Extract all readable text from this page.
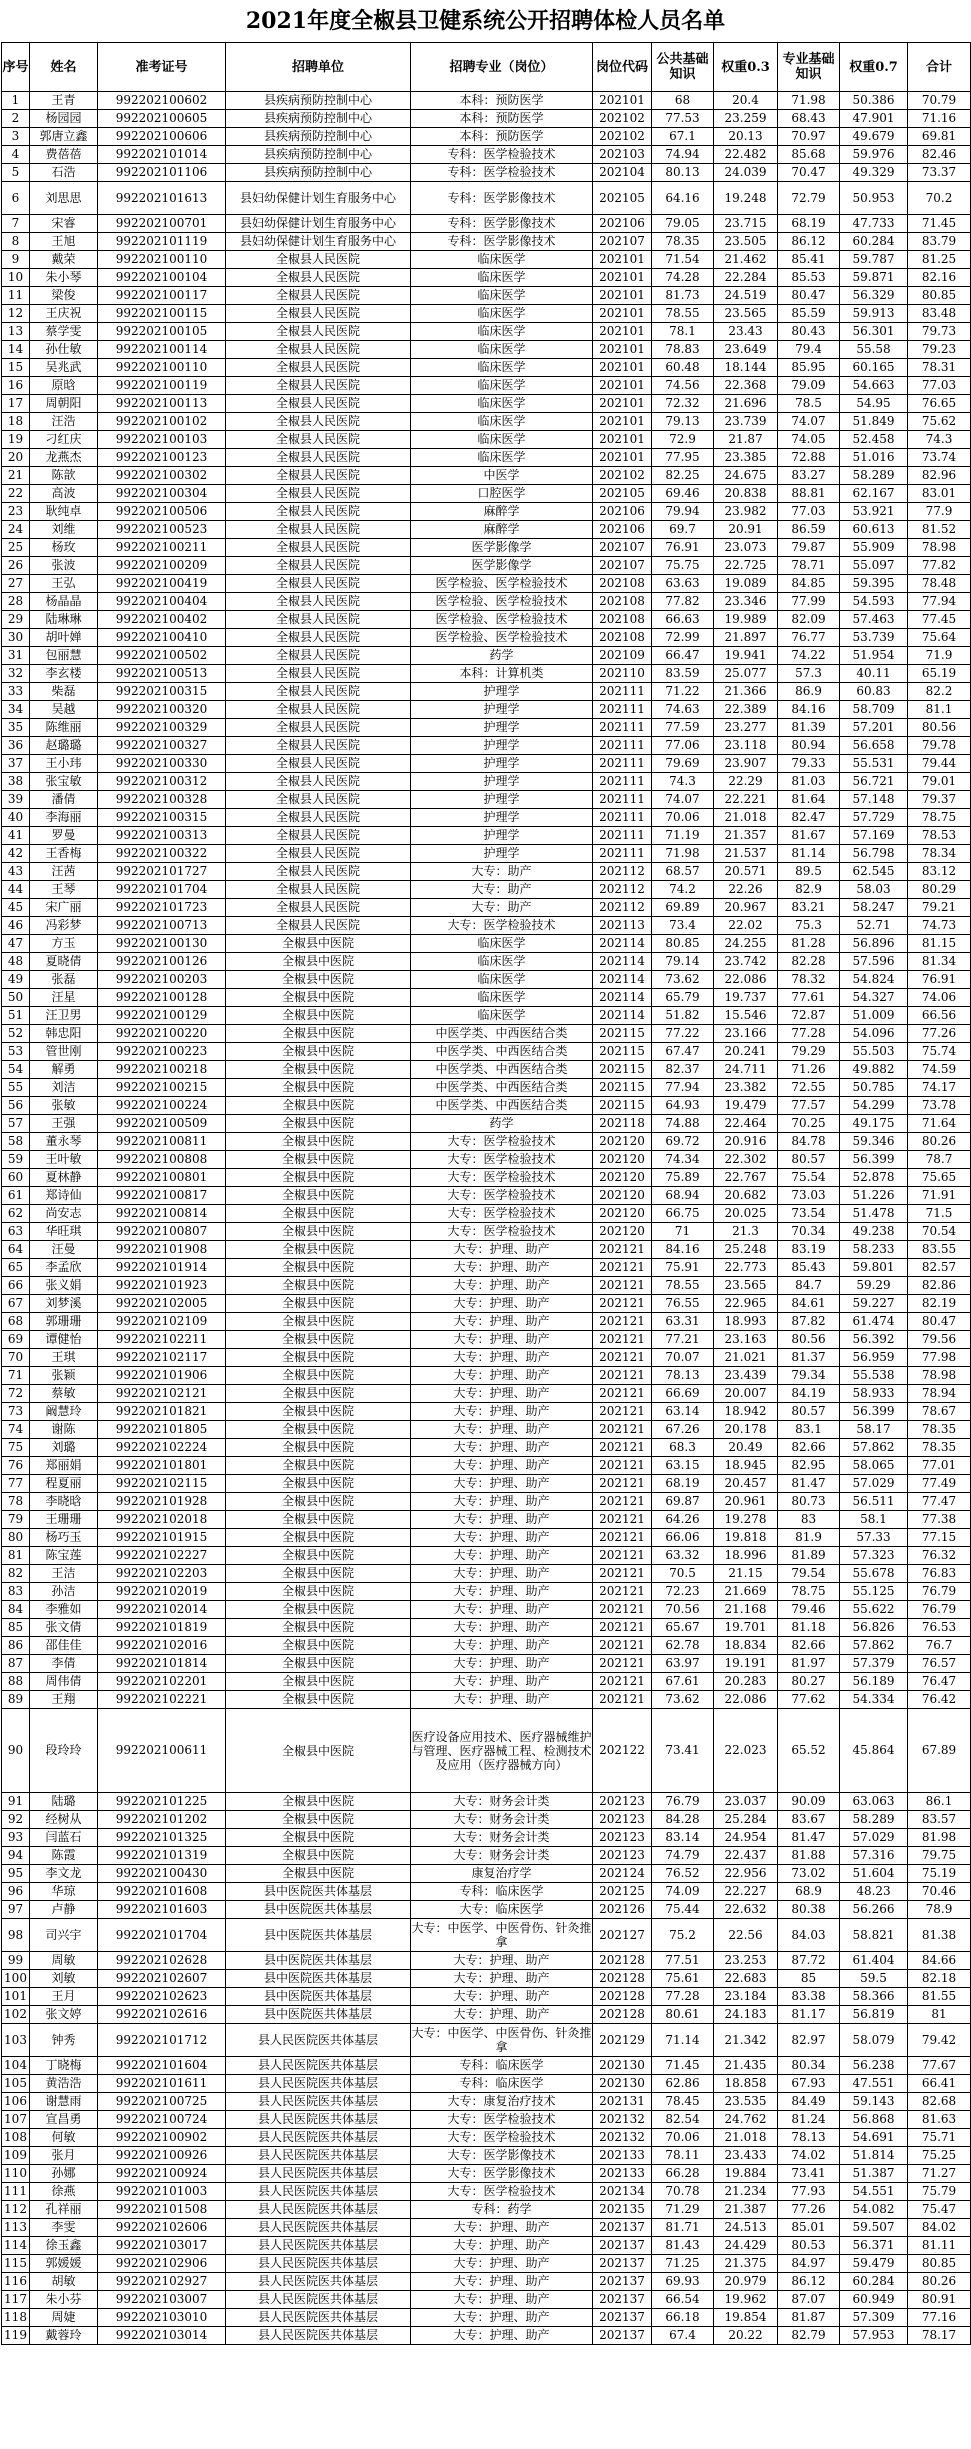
2021年度全椒县卫健系统公开招聘体检人员名单
序号	姓名	准考证号	招聘单位	招聘专业（岗位）	岗位代码	公共基础知识	权重0.3	专业基础知识	权重0.7	合计
1	王青	992202100602	县疾病预防控制中心	本科：预防医学	202101	68	20.4	71.98	50.386	70.79
2	杨园园	992202100605	县疾病预防控制中心	本科：预防医学	202102	77.53	23.259	68.43	47.901	71.16
3	郭唐立鑫	992202100606	县疾病预防控制中心	本科：预防医学	202102	67.1	20.13	70.97	49.679	69.81
4	费蓓蓓	992202101014	县疾病预防控制中心	专科：医学检验技术	202103	74.94	22.482	85.68	59.976	82.46
5	石浩	992202101106	县疾病预防控制中心	专科：医学检验技术	202104	80.13	24.039	70.47	49.329	73.37
6	刘思思	992202101613	县妇幼保健计划生育服务中心	专科：医学影像技术	202105	64.16	19.248	72.79	50.953	70.2
7	宋睿	992202100701	县妇幼保健计划生育服务中心	专科：医学影像技术	202106	79.05	23.715	68.19	47.733	71.45
8	王旭	992202101119	县妇幼保健计划生育服务中心	专科：医学影像技术	202107	78.35	23.505	86.12	60.284	83.79
9	戴荣	992202100110	全椒县人民医院	临床医学	202101	71.54	21.462	85.41	59.787	81.25
10	朱小琴	992202100104	全椒县人民医院	临床医学	202101	74.28	22.284	85.53	59.871	82.16
11	梁俊	992202100117	全椒县人民医院	临床医学	202101	81.73	24.519	80.47	56.329	80.85
12	王庆祝	992202100115	全椒县人民医院	临床医学	202101	78.55	23.565	85.59	59.913	83.48
13	蔡学雯	992202100105	全椒县人民医院	临床医学	202101	78.1	23.43	80.43	56.301	79.73
14	孙仕敏	992202100114	全椒县人民医院	临床医学	202101	78.83	23.649	79.4	55.58	79.23
15	吴兆武	992202100110	全椒县人民医院	临床医学	202101	60.48	18.144	85.95	60.165	78.31
16	原晗	992202100119	全椒县人民医院	临床医学	202101	74.56	22.368	79.09	54.663	77.03
17	周朝阳	992202100113	全椒县人民医院	临床医学	202101	72.32	21.696	78.5	54.95	76.65
18	汪浩	992202100102	全椒县人民医院	临床医学	202101	79.13	23.739	74.07	51.849	75.62
19	刁红庆	992202100103	全椒县人民医院	临床医学	202101	72.9	21.87	74.05	52.458	74.3
20	龙燕杰	992202100123	全椒县人民医院	临床医学	202101	77.95	23.385	72.88	51.016	73.74
21	陈歆	992202100302	全椒县人民医院	中医学	202102	82.25	24.675	83.27	58.289	82.96
22	高波	992202100304	全椒县人民医院	口腔医学	202105	69.46	20.838	88.81	62.167	83.01
23	耿纯卓	992202100506	全椒县人民医院	麻醉学	202106	79.94	23.982	77.03	53.921	77.9
24	刘维	992202100523	全椒县人民医院	麻醉学	202106	69.7	20.91	86.59	60.613	81.52
25	杨玫	992202100211	全椒县人民医院	医学影像学	202107	76.91	23.073	79.87	55.909	78.98
26	张波	992202100209	全椒县人民医院	医学影像学	202107	75.75	22.725	78.71	55.097	77.82
27	王弘	992202100419	全椒县人民医院	医学检验、医学检验技术	202108	63.63	19.089	84.85	59.395	78.48
28	杨晶晶	992202100404	全椒县人民医院	医学检验、医学检验技术	202108	77.82	23.346	77.99	54.593	77.94
29	陆琳琳	992202100402	全椒县人民医院	医学检验、医学检验技术	202108	66.63	19.989	82.09	57.463	77.45
30	胡叶婵	992202100410	全椒县人民医院	医学检验、医学检验技术	202108	72.99	21.897	76.77	53.739	75.64
31	包丽慧	992202100502	全椒县人民医院	药学	202109	66.47	19.941	74.22	51.954	71.9
32	李玄楼	992202100513	全椒县人民医院	本科：计算机类	202110	83.59	25.077	57.3	40.11	65.19
33	柴磊	992202100315	全椒县人民医院	护理学	202111	71.22	21.366	86.9	60.83	82.2
34	吴越	992202100320	全椒县人民医院	护理学	202111	74.63	22.389	84.16	58.709	81.1
35	陈维丽	992202100329	全椒县人民医院	护理学	202111	77.59	23.277	81.39	57.201	80.56
36	赵璐璐	992202100327	全椒县人民医院	护理学	202111	77.06	23.118	80.94	56.658	79.78
37	王小玮	992202100330	全椒县人民医院	护理学	202111	79.69	23.907	79.33	55.531	79.44
38	张宝敏	992202100312	全椒县人民医院	护理学	202111	74.3	22.29	81.03	56.721	79.01
39	潘倩	992202100328	全椒县人民医院	护理学	202111	74.07	22.221	81.64	57.148	79.37
40	李海丽	992202100315	全椒县人民医院	护理学	202111	70.06	21.018	82.47	57.729	78.75
41	罗曼	992202100313	全椒县人民医院	护理学	202111	71.19	21.357	81.67	57.169	78.53
42	王香梅	992202100322	全椒县人民医院	护理学	202111	71.98	21.537	81.14	56.798	78.34
43	汪茜	992202101727	全椒县人民医院	大专：助产	202112	68.57	20.571	89.5	62.545	83.12
44	王琴	992202101704	全椒县人民医院	大专：助产	202112	74.2	22.26	82.9	58.03	80.29
45	宋广丽	992202101723	全椒县人民医院	大专：助产	202112	69.89	20.967	83.21	58.247	79.21
46	冯彩梦	992202100713	全椒县人民医院	大专：医学检验技术	202113	73.4	22.02	75.3	52.71	74.73
47	方玉	992202100130	全椒县中医院	临床医学	202114	80.85	24.255	81.28	56.896	81.15
48	夏晓倩	992202100126	全椒县中医院	临床医学	202114	79.14	23.742	82.28	57.596	81.34
49	张磊	992202100203	全椒县中医院	临床医学	202114	73.62	22.086	78.32	54.824	76.91
50	汪星	992202100128	全椒县中医院	临床医学	202114	65.79	19.737	77.61	54.327	74.06
51	汪卫男	992202100129	全椒县中医院	临床医学	202114	51.82	15.546	72.87	51.009	66.56
52	韩忠阳	992202100220	全椒县中医院	中医学类、中西医结合类	202115	77.22	23.166	77.28	54.096	77.26
53	管世刚	992202100223	全椒县中医院	中医学类、中西医结合类	202115	67.47	20.241	79.29	55.503	75.74
54	解勇	992202100218	全椒县中医院	中医学类、中西医结合类	202115	82.37	24.711	71.26	49.882	74.59
55	刘洁	992202100215	全椒县中医院	中医学类、中西医结合类	202115	77.94	23.382	72.55	50.785	74.17
56	张敏	992202100224	全椒县中医院	中医学类、中西医结合类	202115	64.93	19.479	77.57	54.299	73.78
57	王强	992202100509	全椒县中医院	药学	202118	74.88	22.464	70.25	49.175	71.64
58	董永琴	992202100811	全椒县中医院	大专：医学检验技术	202120	69.72	20.916	84.78	59.346	80.26
59	王叶敏	992202100808	全椒县中医院	大专：医学检验技术	202120	74.34	22.302	80.57	56.399	78.7
60	夏林静	992202100801	全椒县中医院	大专：医学检验技术	202120	75.89	22.767	75.54	52.878	75.65
61	郑诗仙	992202100817	全椒县中医院	大专：医学检验技术	202120	68.94	20.682	73.03	51.226	71.91
62	尚安志	992202100814	全椒县中医院	大专：医学检验技术	202120	66.75	20.025	73.54	51.478	71.5
63	华旺琪	992202100807	全椒县中医院	大专：医学检验技术	202120	71	21.3	70.34	49.238	70.54
64	汪曼	992202101908	全椒县中医院	大专：护理、助产	202121	84.16	25.248	83.19	58.233	83.55
65	李孟欣	992202101914	全椒县中医院	大专：护理、助产	202121	75.91	22.773	85.43	59.801	82.57
66	张义娟	992202101923	全椒县中医院	大专：护理、助产	202121	78.55	23.565	84.7	59.29	82.86
67	刘梦溪	992202102005	全椒县中医院	大专：护理、助产	202121	76.55	22.965	84.61	59.227	82.19
68	郭珊珊	992202102109	全椒县中医院	大专：护理、助产	202121	63.31	18.993	87.82	61.474	80.47
69	谭健怡	992202102211	全椒县中医院	大专：护理、助产	202121	77.21	23.163	80.56	56.392	79.56
70	王琪	992202102117	全椒县中医院	大专：护理、助产	202121	70.07	21.021	81.37	56.959	77.98
71	张颖	992202101906	全椒县中医院	大专：护理、助产	202121	78.13	23.439	79.34	55.538	78.98
72	蔡敏	992202102121	全椒县中医院	大专：护理、助产	202121	66.69	20.007	84.19	58.933	78.94
73	阚慧玲	992202101821	全椒县中医院	大专：护理、助产	202121	63.14	18.942	80.57	56.399	78.67
74	谢陈	992202101805	全椒县中医院	大专：护理、助产	202121	67.26	20.178	83.1	58.17	78.35
75	刘璐	992202102224	全椒县中医院	大专：护理、助产	202121	68.3	20.49	82.66	57.862	78.35
76	郑丽娟	992202101801	全椒县中医院	大专：护理、助产	202121	63.15	18.945	82.95	58.065	77.01
77	程夏丽	992202102115	全椒县中医院	大专：护理、助产	202121	68.19	20.457	81.47	57.029	77.49
78	李晓晗	992202101928	全椒县中医院	大专：护理、助产	202121	69.87	20.961	80.73	56.511	77.47
79	王珊珊	992202102018	全椒县中医院	大专：护理、助产	202121	64.26	19.278	83	58.1	77.38
80	杨巧玉	992202101915	全椒县中医院	大专：护理、助产	202121	66.06	19.818	81.9	57.33	77.15
81	陈宝莲	992202102227	全椒县中医院	大专：护理、助产	202121	63.32	18.996	81.89	57.323	76.32
82	王洁	992202102203	全椒县中医院	大专：护理、助产	202121	70.5	21.15	79.54	55.678	76.83
83	孙洁	992202102019	全椒县中医院	大专：护理、助产	202121	72.23	21.669	78.75	55.125	76.79
84	李雅如	992202102014	全椒县中医院	大专：护理、助产	202121	70.56	21.168	79.46	55.622	76.79
85	张文倩	992202101819	全椒县中医院	大专：护理、助产	202121	65.67	19.701	81.18	56.826	76.53
86	邵佳佳	992202102016	全椒县中医院	大专：护理、助产	202121	62.78	18.834	82.66	57.862	76.7
87	李倩	992202101814	全椒县中医院	大专：护理、助产	202121	63.97	19.191	81.97	57.379	76.57
88	周伟倩	992202102201	全椒县中医院	大专：护理、助产	202121	67.61	20.283	80.27	56.189	76.47
89	王翔	992202102221	全椒县中医院	大专：护理、助产	202121	73.62	22.086	77.62	54.334	76.42
90	段玲玲	992202100611	全椒县中医院	医疗设备应用技术、医疗器械维护与管理、医疗器械工程、检测技术及应用（医疗器械方向）	202122	73.41	22.023	65.52	45.864	67.89
91	陆璐	992202101225	全椒县中医院	大专：财务会计类	202123	76.79	23.037	90.09	63.063	86.1
92	经树从	992202101202	全椒县中医院	大专：财务会计类	202123	84.28	25.284	83.67	58.289	83.57
93	闫蓝石	992202101325	全椒县中医院	大专：财务会计类	202123	83.14	24.954	81.47	57.029	81.98
94	陈霞	992202101319	全椒县中医院	大专：财务会计类	202123	74.79	22.437	81.88	57.316	79.75
95	李文龙	992202100430	全椒县中医院	康复治疗学	202124	76.52	22.956	73.02	51.604	75.19
96	华琼	992202101608	县中医院医共体基层	专科：临床医学	202125	74.09	22.227	68.9	48.23	70.46
97	卢静	992202101603	县中医院医共体基层	大专：临床医学	202126	75.44	22.632	80.38	56.266	78.9
98	司兴宇	992202101704	县中医院医共体基层	大专：中医学、中医骨伤、针灸推拿	202127	75.2	22.56	84.03	58.821	81.38
99	周敏	992202102628	县中医院医共体基层	大专：护理、助产	202128	77.51	23.253	87.72	61.404	84.66
100	刘敏	992202102607	县中医院医共体基层	大专：护理、助产	202128	75.61	22.683	85	59.5	82.18
101	王月	992202102623	县中医院医共体基层	大专：护理、助产	202128	77.28	23.184	83.38	58.366	81.55
102	张文婷	992202102616	县中医院医共体基层	大专：护理、助产	202128	80.61	24.183	81.17	56.819	81
103	钟秀	992202101712	县人民医院医共体基层	大专：中医学、中医骨伤、针灸推拿	202129	71.14	21.342	82.97	58.079	79.42
104	丁晓梅	992202101604	县人民医院医共体基层	专科：临床医学	202130	71.45	21.435	80.34	56.238	77.67
105	黄浩浩	992202101611	县人民医院医共体基层	专科：临床医学	202130	62.86	18.858	67.93	47.551	66.41
106	谢慧雨	992202100725	县人民医院医共体基层	大专：康复治疗技术	202131	78.45	23.535	84.49	59.143	82.68
107	宣昌勇	992202100724	县人民医院医共体基层	大专：医学检验技术	202132	82.54	24.762	81.24	56.868	81.63
108	何敏	992202100902	县人民医院医共体基层	大专：医学检验技术	202132	70.06	21.018	78.13	54.691	75.71
109	张月	992202100926	县人民医院医共体基层	大专：医学影像技术	202133	78.11	23.433	74.02	51.814	75.25
110	孙娜	992202100924	县人民医院医共体基层	大专：医学影像技术	202133	66.28	19.884	73.41	51.387	71.27
111	徐燕	992202101003	县人民医院医共体基层	大专：医学检验技术	202134	70.78	21.234	77.93	54.551	75.79
112	孔祥丽	992202101508	县人民医院医共体基层	专科：药学	202135	71.29	21.387	77.26	54.082	75.47
113	李雯	992202102606	县人民医院医共体基层	大专：护理、助产	202137	81.71	24.513	85.01	59.507	84.02
114	徐玉鑫	992202103017	县人民医院医共体基层	大专：护理、助产	202137	81.43	24.429	80.53	56.371	81.11
115	郭媛媛	992202102906	县人民医院医共体基层	大专：护理、助产	202137	71.25	21.375	84.97	59.479	80.85
116	胡敏	992202102927	县人民医院医共体基层	大专：护理、助产	202137	69.93	20.979	86.12	60.284	80.26
117	朱小芬	992202103007	县人民医院医共体基层	大专：护理、助产	202137	66.54	19.962	87.07	60.949	80.91
118	周婕	992202103010	县人民医院医共体基层	大专：护理、助产	202137	66.18	19.854	81.87	57.309	77.16
119	戴蓉玲	992202103014	县人民医院医共体基层	大专：护理、助产	202137	67.4	20.22	82.79	57.953	78.17
